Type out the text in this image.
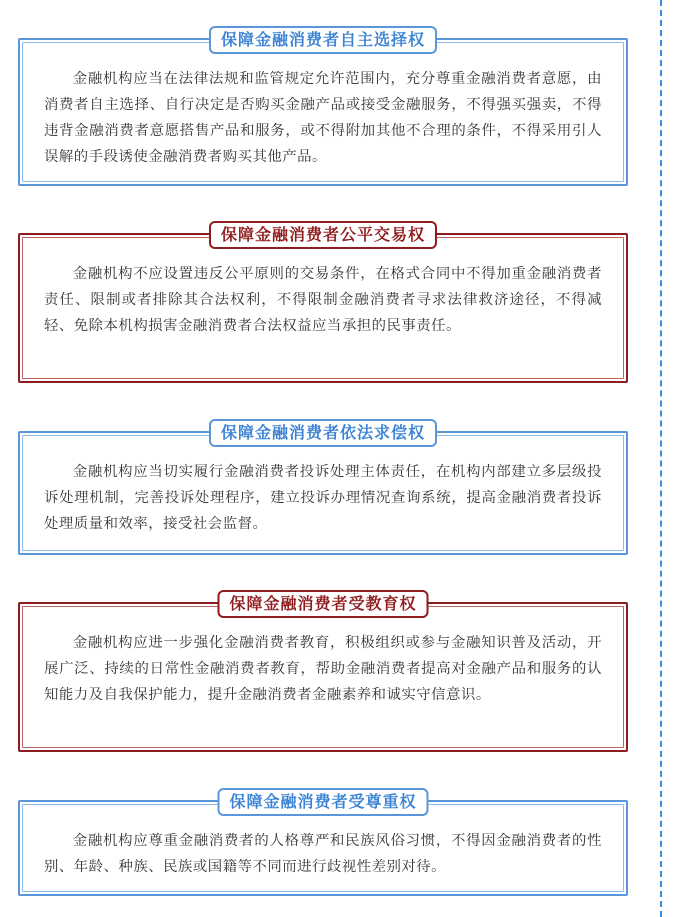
保障金融消费者自主选择权

金融机构应当在法律法规和监管规定允许范围内，充分尊重金融消费者意愿，由消费者自主选择、自行决定是否购买金融产品或接受金融服务，不得强买强卖，不得违背金融消费者意愿搭售产品和服务，或不得附加其他不合理的条件，不得采用引人误解的手段诱使金融消费者购买其他产品。

保障金融消费者公平交易权

金融机构不应设置违反公平原则的交易条件，在格式合同中不得加重金融消费者责任、限制或者排除其合法权利，不得限制金融消费者寻求法律救济途径，不得减轻、免除本机构损害金融消费者合法权益应当承担的民事责任。

保障金融消费者依法求偿权

金融机构应当切实履行金融消费者投诉处理主体责任，在机构内部建立多层级投诉处理机制，完善投诉处理程序，建立投诉办理情况查询系统，提高金融消费者投诉处理质量和效率，接受社会监督。

保障金融消费者受教育权

金融机构应进一步强化金融消费者教育，积极组织或参与金融知识普及活动，开展广泛、持续的日常性金融消费者教育，帮助金融消费者提高对金融产品和服务的认知能力及自我保护能力，提升金融消费者金融素养和诚实守信意识。

保障金融消费者受尊重权

金融机构应尊重金融消费者的人格尊严和民族风俗习惯，不得因金融消费者的性别、年龄、种族、民族或国籍等不同而进行歧视性差别对待。
